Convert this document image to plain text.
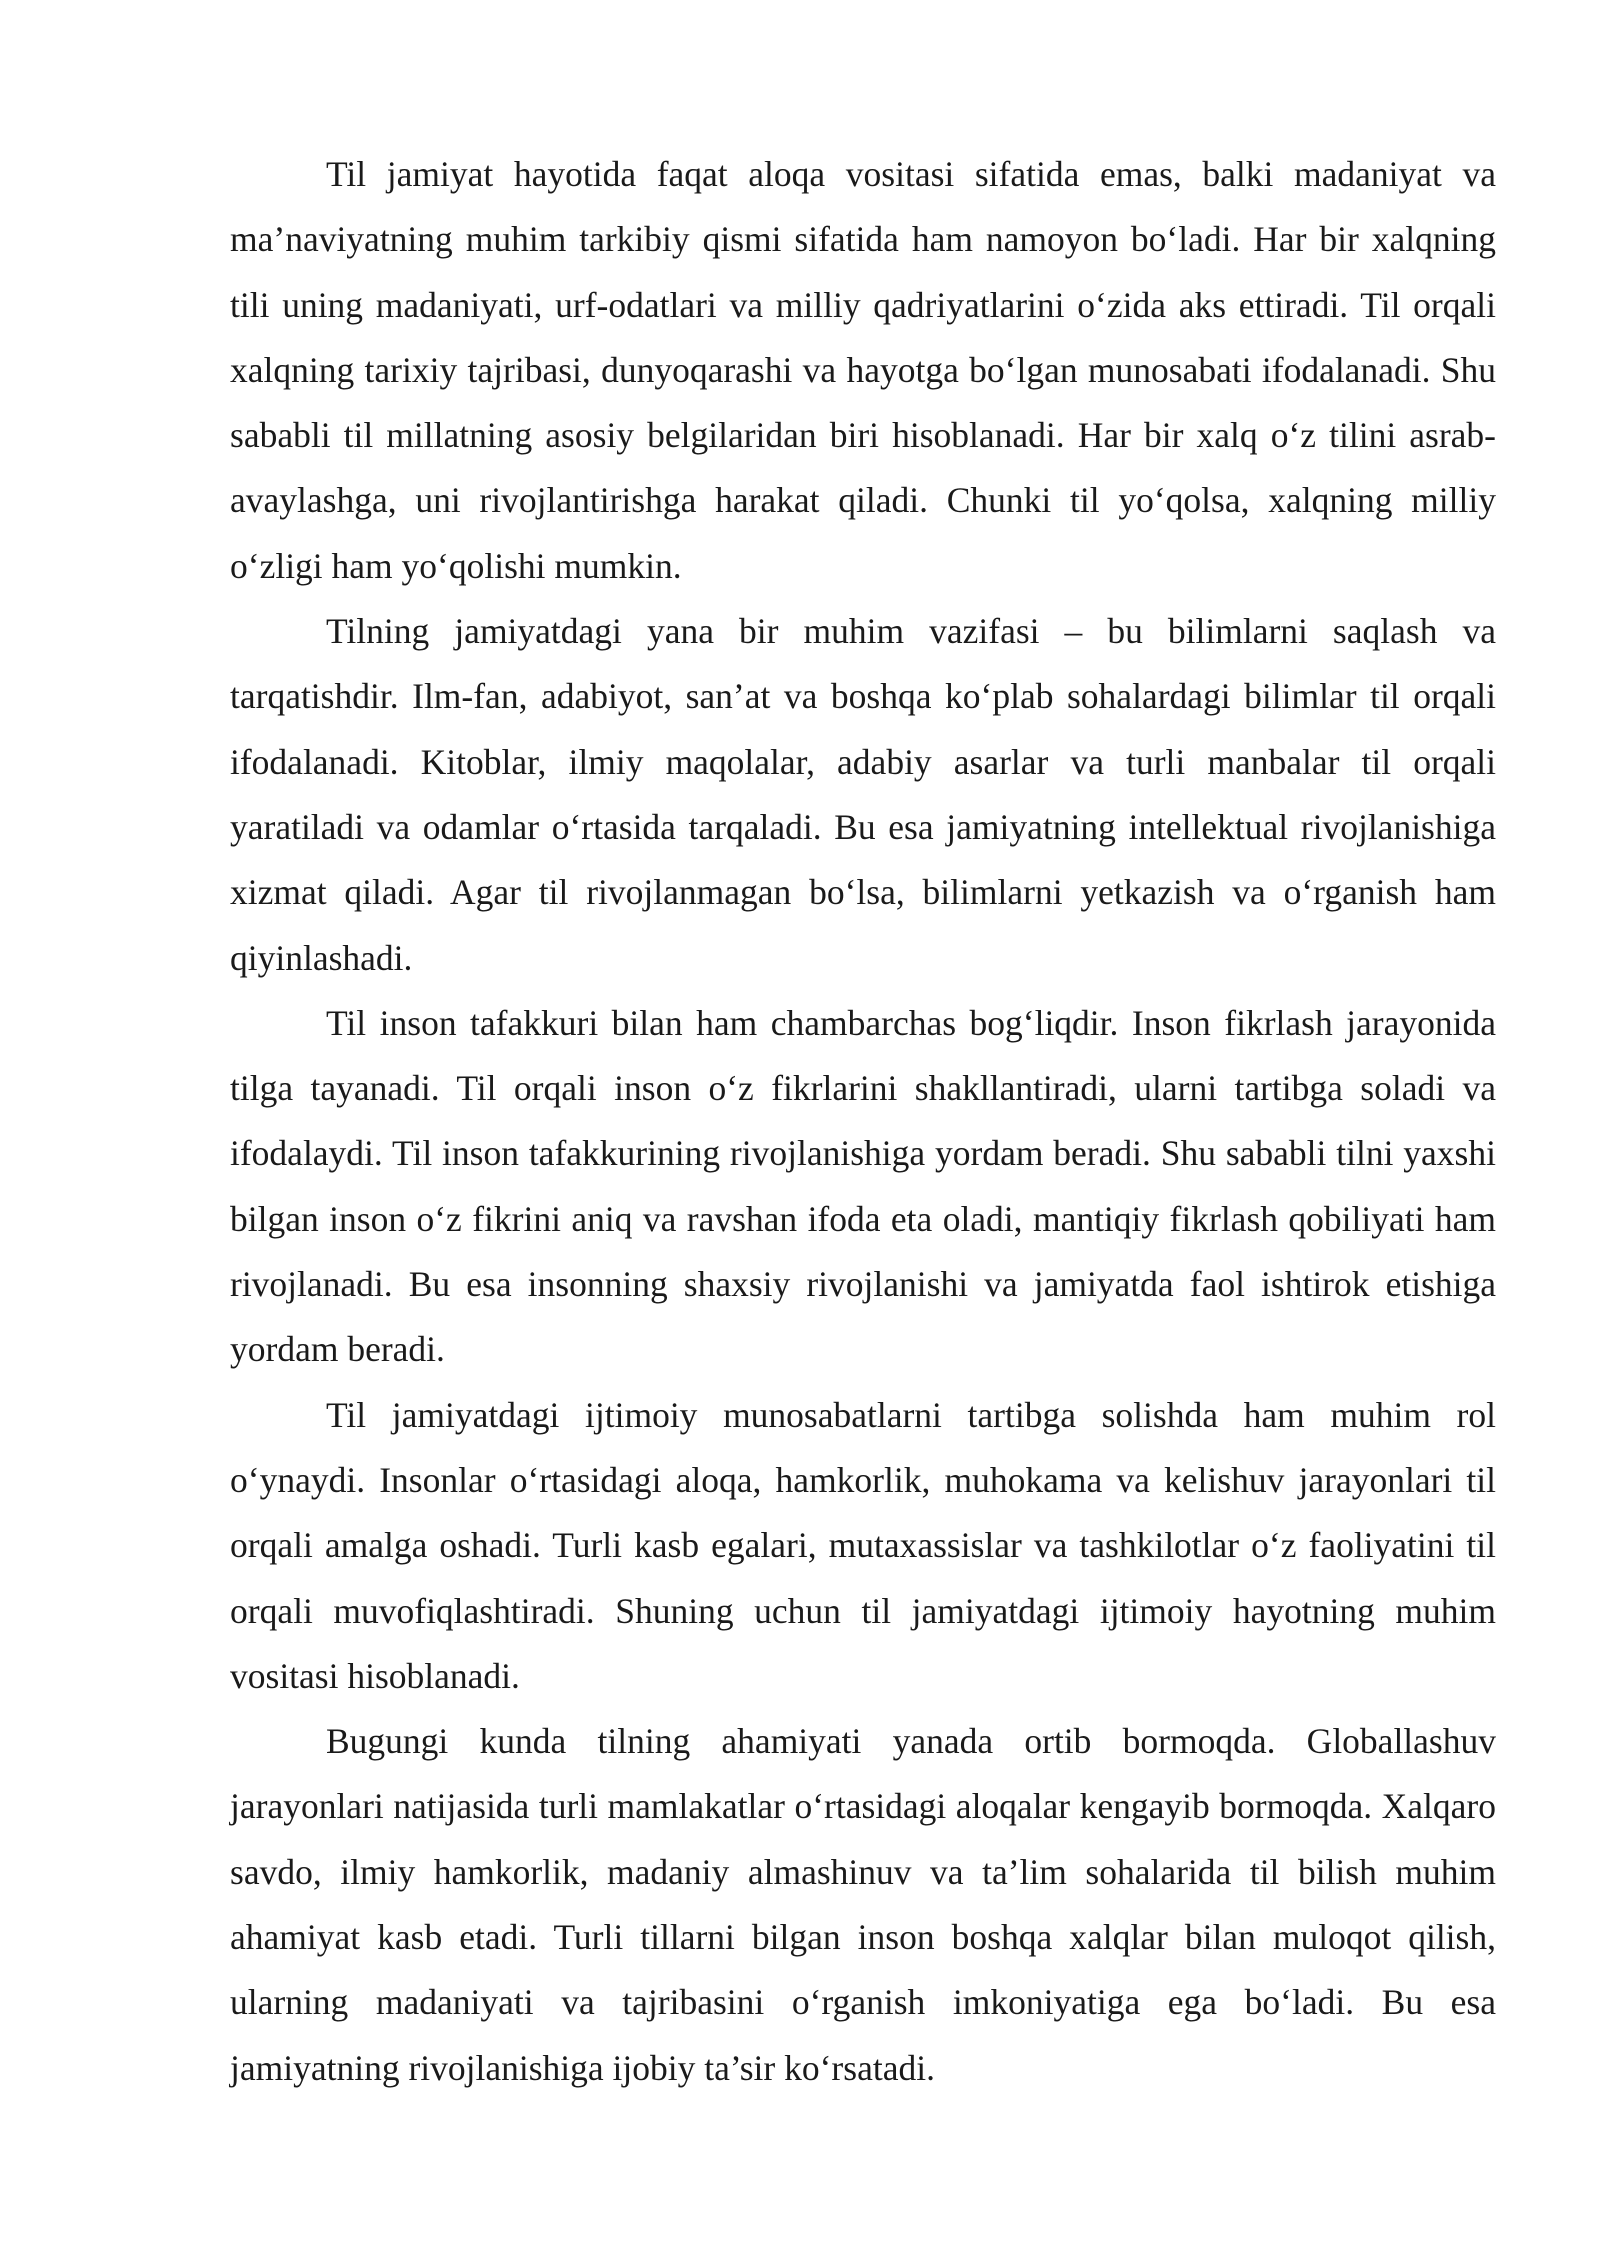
Til jamiyat hayotida faqat aloqa vositasi sifatida emas, balki madaniyat va ma’naviyatning muhim tarkibiy qismi sifatida ham namoyon bo‘ladi. Har bir xalqning tili uning madaniyati, urf-odatlari va milliy qadriyatlarini o‘zida aks ettiradi. Til orqali xalqning tarixiy tajribasi, dunyoqarashi va hayotga bo‘lgan munosabati ifodalanadi. Shu sababli til millatning asosiy belgilaridan biri hisoblanadi. Har bir xalq o‘z tilini asrab-avaylashga, uni rivojlantirishga harakat qiladi. Chunki til yo‘qolsa, xalqning milliy o‘zligi ham yo‘qolishi mumkin.

Tilning jamiyatdagi yana bir muhim vazifasi – bu bilimlarni saqlash va tarqatishdir. Ilm-fan, adabiyot, san’at va boshqa ko‘plab sohalardagi bilimlar til orqali ifodalanadi. Kitoblar, ilmiy maqolalar, adabiy asarlar va turli manbalar til orqali yaratiladi va odamlar o‘rtasida tarqaladi. Bu esa jamiyatning intellektual rivojlanishiga xizmat qiladi. Agar til rivojlanmagan bo‘lsa, bilimlarni yetkazish va o‘rganish ham qiyinlashadi.

Til inson tafakkuri bilan ham chambarchas bog‘liqdir. Inson fikrlash jarayonida tilga tayanadi. Til orqali inson o‘z fikrlarini shakllantiradi, ularni tartibga soladi va ifodalaydi. Til inson tafakkurining rivojlanishiga yordam beradi. Shu sababli tilni yaxshi bilgan inson o‘z fikrini aniq va ravshan ifoda eta oladi, mantiqiy fikrlash qobiliyati ham rivojlanadi. Bu esa insonning shaxsiy rivojlanishi va jamiyatda faol ishtirok etishiga yordam beradi.

Til jamiyatdagi ijtimoiy munosabatlarni tartibga solishda ham muhim rol o‘ynaydi. Insonlar o‘rtasidagi aloqa, hamkorlik, muhokama va kelishuv jarayonlari til orqali amalga oshadi. Turli kasb egalari, mutaxassislar va tashkilotlar o‘z faoliyatini til orqali muvofiqlashtiradi. Shuning uchun til jamiyatdagi ijtimoiy hayotning muhim vositasi hisoblanadi.

Bugungi kunda tilning ahamiyati yanada ortib bormoqda. Globallashuv jarayonlari natijasida turli mamlakatlar o‘rtasidagi aloqalar kengayib bormoqda. Xalqaro savdo, ilmiy hamkorlik, madaniy almashinuv va ta’lim sohalarida til bilish muhim ahamiyat kasb etadi. Turli tillarni bilgan inson boshqa xalqlar bilan muloqot qilish, ularning madaniyati va tajribasini o‘rganish imkoniyatiga ega bo‘ladi. Bu esa jamiyatning rivojlanishiga ijobiy ta’sir ko‘rsatadi.
